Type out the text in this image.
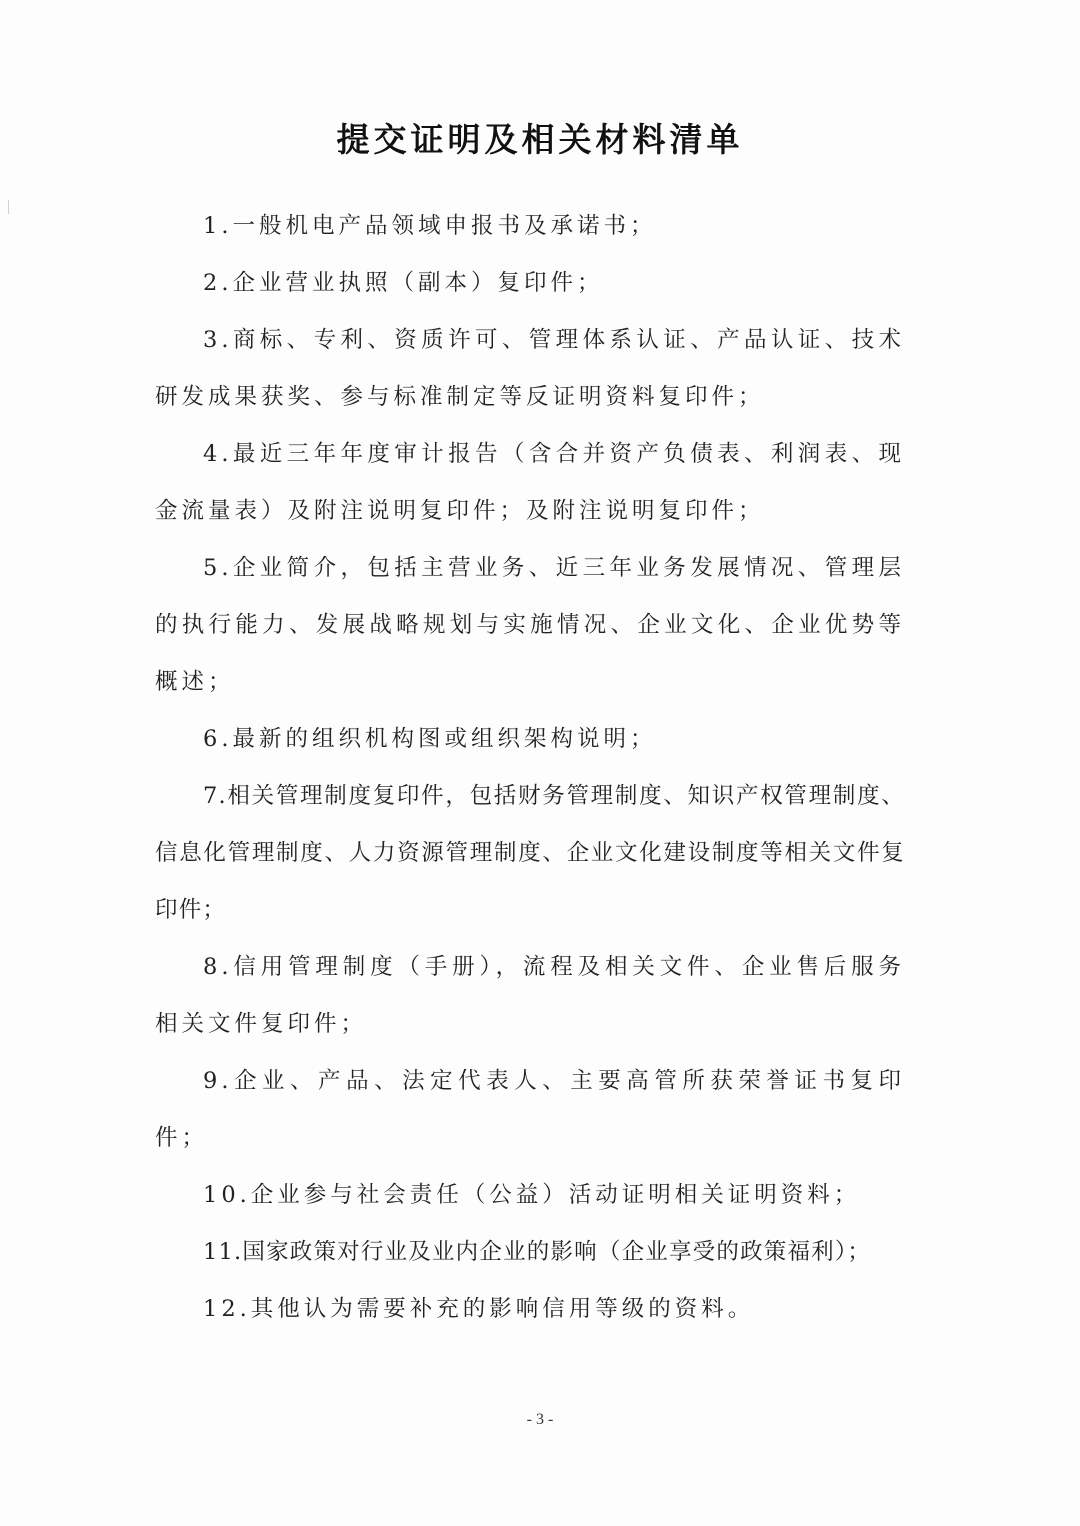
提交证明及相关材料清单

1.一般机电产品领域申报书及承诺书；

2.企业营业执照（副本）复印件；

3.商标、专利、资质许可、管理体系认证、产品认证、技术研发成果获奖、参与标准制定等反证明资料复印件；

4.最近三年年度审计报告（含合并资产负债表、利润表、现金流量表）及附注说明复印件；及附注说明复印件；

5.企业简介，包括主营业务、近三年业务发展情况、管理层的执行能力、发展战略规划与实施情况、企业文化、企业优势等概述；

6.最新的组织机构图或组织架构说明；

7.相关管理制度复印件，包括财务管理制度、知识产权管理制度、信息化管理制度、人力资源管理制度、企业文化建设制度等相关文件复印件；

8.信用管理制度（手册），流程及相关文件、企业售后服务相关文件复印件；

9.企业、产品、法定代表人、主要高管所获荣誉证书复印件；

10.企业参与社会责任（公益）活动证明相关证明资料；

11.国家政策对行业及业内企业的影响（企业享受的政策福利）；

12.其他认为需要补充的影响信用等级的资料。

- 3 -
